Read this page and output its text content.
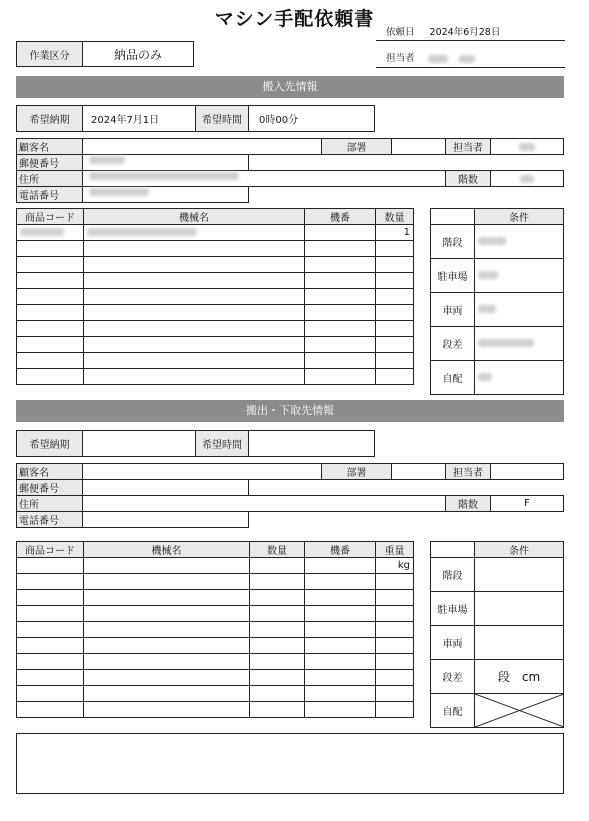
マシン手配依頼書
依頼日 2024年6月28日
担当者
作業区分	納品のみ
搬入先情報
希望納期	2024年7月1日	希望時間	0時00分
顧客名	部署	担当者
郵便番号
住所	階数
電話番号
商品コード	機械名	機番	数量
			1

	条件
階段	
駐車場	
車両	
段差	
自配	
搬出・下取先情報
希望納期		希望時間	
顧客名	部署	担当者
郵便番号
住所	階数	F
電話番号
商品コード	機械名	数量	機番	重量
				kg

	条件
階段	
駐車場	
車両	
段差	段　cm
自配	
